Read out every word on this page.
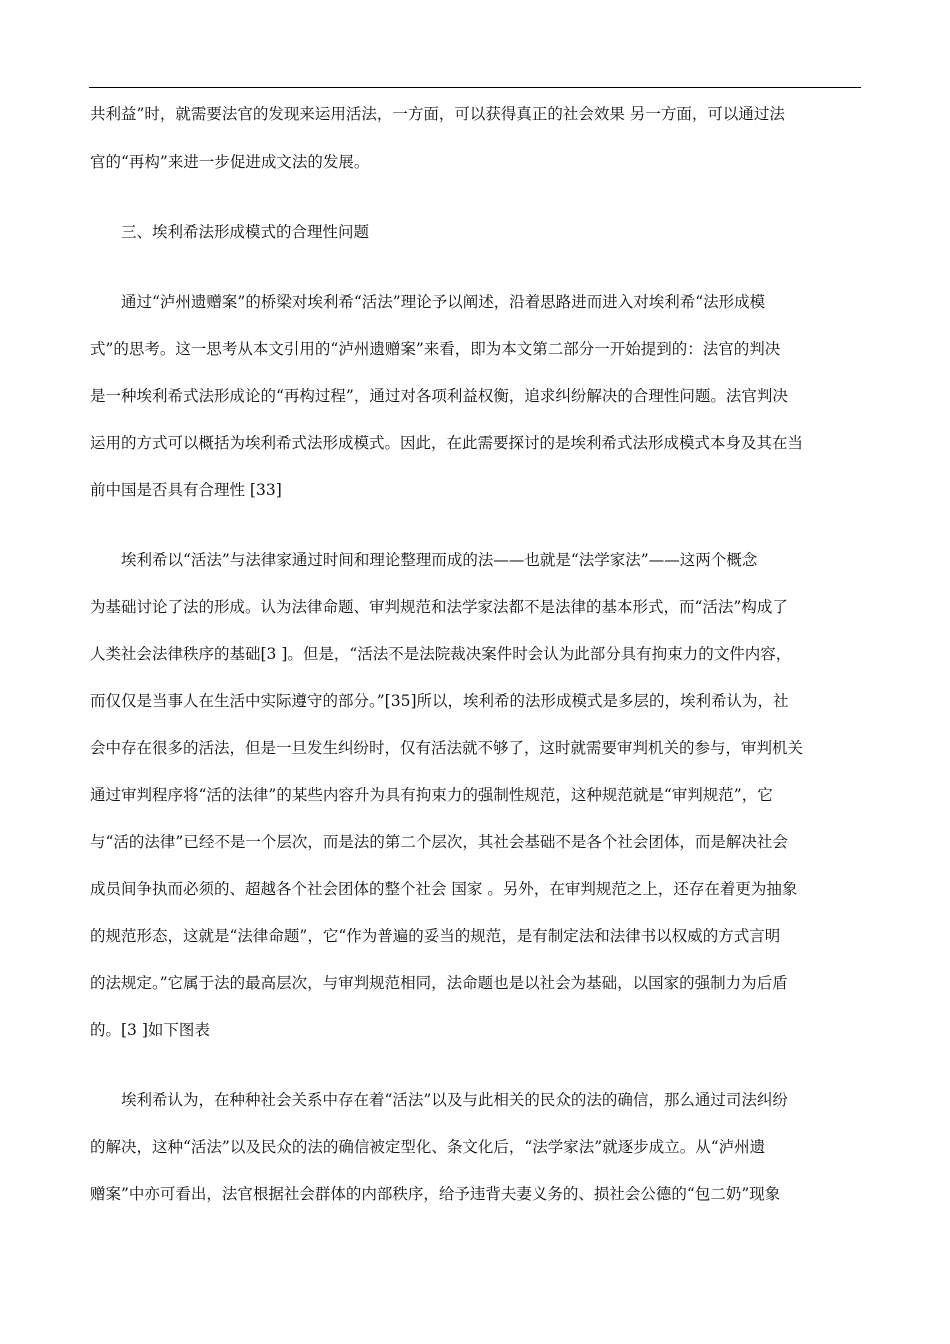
共利益”时，就需要法官的发现来运用活法，一方面，可以获得真正的社会效果 另一方面，可以通过法
官的“再构”来进一步促进成文法的发展。
三、埃利希法形成模式的合理性问题
通过“泸州遗赠案”的桥梁对埃利希“活法”理论予以阐述，沿着思路进而进入对埃利希“法形成模
式”的思考。这一思考从本文引用的“泸州遗赠案”来看，即为本文第二部分一开始提到的：法官的判决
是一种埃利希式法形成论的“再构过程”，通过对各项利益权衡，追求纠纷解决的合理性问题。法官判决
运用的方式可以概括为埃利希式法形成模式。因此，在此需要探讨的是埃利希式法形成模式本身及其在当
前中国是否具有合理性 [33]
埃利希以“活法”与法律家通过时间和理论整理而成的法——也就是“法学家法”——这两个概念
为基础讨论了法的形成。认为法律命题、审判规范和法学家法都不是法律的基本形式，而“活法”构成了
人类社会法律秩序的基础[3 ]。但是，“活法不是法院裁决案件时会认为此部分具有拘束力的文件内容，
而仅仅是当事人在生活中实际遵守的部分。”[35]所以，埃利希的法形成模式是多层的，埃利希认为，社
会中存在很多的活法，但是一旦发生纠纷时，仅有活法就不够了，这时就需要审判机关的参与，审判机关
通过审判程序将“活的法律”的某些内容升为具有拘束力的强制性规范，这种规范就是“审判规范”，它
与“活的法律”已经不是一个层次，而是法的第二个层次，其社会基础不是各个社会团体，而是解决社会
成员间争执而必须的、超越各个社会团体的整个社会 国家 。另外，在审判规范之上，还存在着更为抽象
的规范形态，这就是“法律命题”，它“作为普遍的妥当的规范，是有制定法和法律书以权威的方式言明
的法规定。”它属于法的最高层次，与审判规范相同，法命题也是以社会为基础，以国家的强制力为后盾
的。[3 ]如下图表
埃利希认为，在种种社会关系中存在着“活法”以及与此相关的民众的法的确信，那么通过司法纠纷
的解决，这种“活法”以及民众的法的确信被定型化、条文化后，“法学家法”就逐步成立。从“泸州遗
赠案”中亦可看出，法官根据社会群体的内部秩序，给予违背夫妻义务的、损社会公德的“包二奶”现象
